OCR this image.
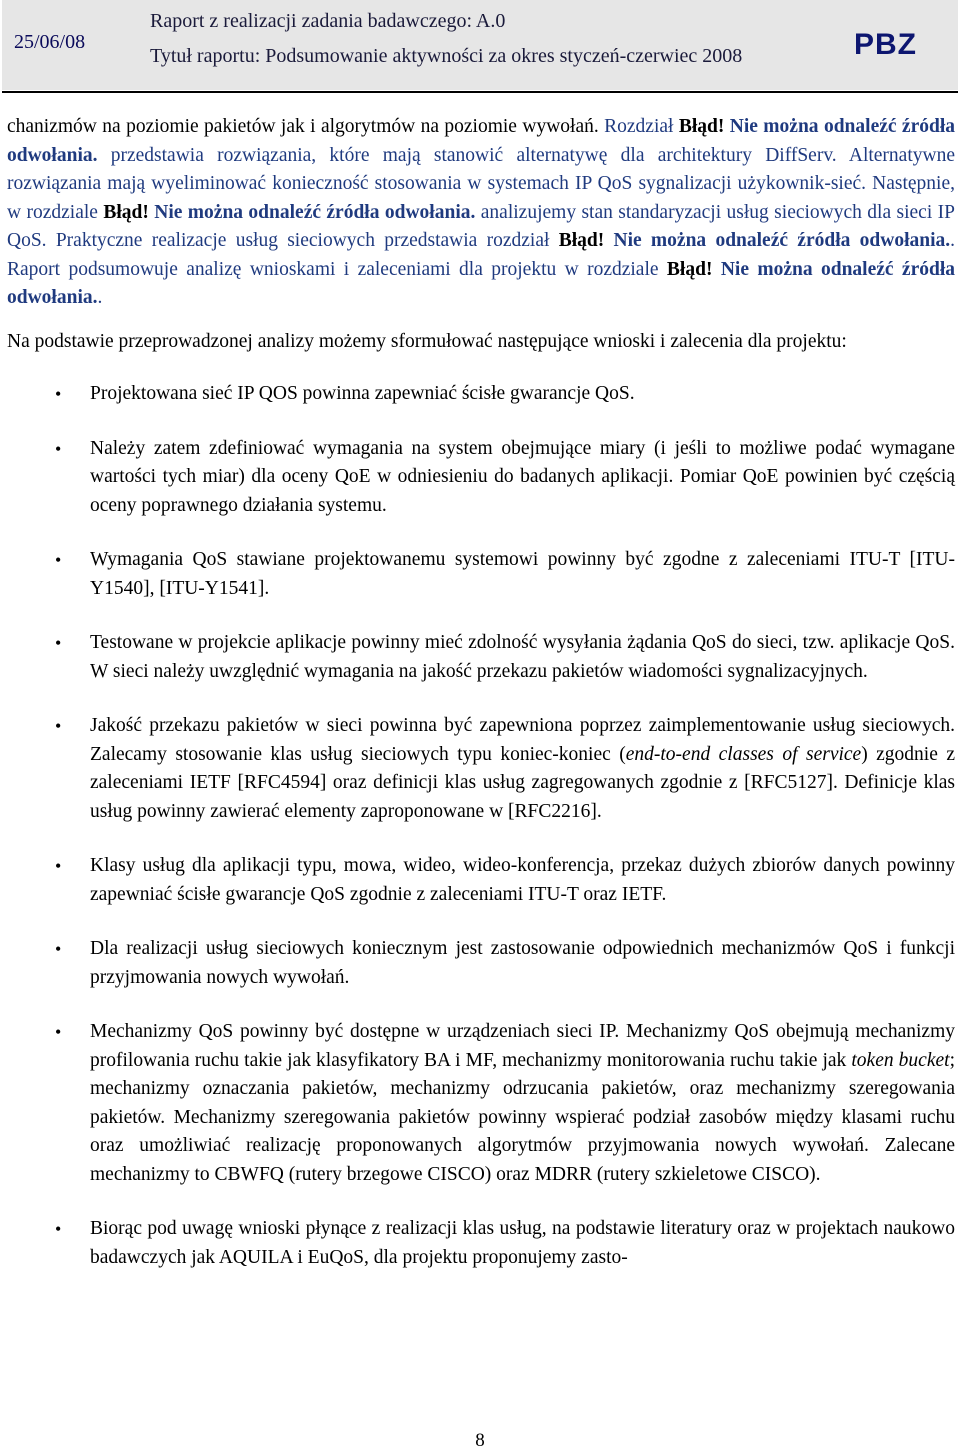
25/06/08
Raport z realizacji zadania badawczego: A.0
Tytuł raportu: Podsumowanie aktywności za okres styczeń-czerwiec 2008	PBZ

chanizmów na poziomie pakietów jak i algorytmów na poziomie wywołań. Rozdział Błąd! Nie można odnaleźć źródła odwołania. przedstawia rozwiązania, które mają stanowić alternatywę dla architektury DiffServ. Alternatywne rozwiązania mają wyeliminować konieczność stosowania w systemach IP QoS sygnalizacji użykownik-sieć. Następnie, w rozdziale Błąd! Nie można odnaleźć źródła odwołania. analizujemy stan standaryzacji usług sieciowych dla sieci IP QoS. Praktyczne realizacje usług sieciowych przedstawia rozdział Błąd! Nie można odnaleźć źródła odwołania.. Raport podsumowuje analizę wnioskami i zaleceniami dla projektu w rozdziale Błąd! Nie można odnaleźć źródła odwołania..

Na podstawie przeprowadzonej analizy możemy sformułować następujące wnioski i zalecenia dla projektu:

• Projektowana sieć IP QOS powinna zapewniać ścisłe gwarancje QoS.
• Należy zatem zdefiniować wymagania na system obejmujące miary (i jeśli to możliwe podać wymagane wartości tych miar) dla oceny QoE w odniesieniu do badanych aplikacji. Pomiar QoE powinien być częścią oceny poprawnego działania systemu.
• Wymagania QoS stawiane projektowanemu systemowi powinny być zgodne z zaleceniami ITU-T [ITU-Y1540], [ITU-Y1541].
• Testowane w projekcie aplikacje powinny mieć zdolność wysyłania żądania QoS do sieci, tzw. aplikacje QoS. W sieci należy uwzględnić wymagania na jakość przekazu pakietów wiadomości sygnalizacyjnych.
• Jakość przekazu pakietów w sieci powinna być zapewniona poprzez zaimplementowanie usług sieciowych. Zalecamy stosowanie klas usług sieciowych typu koniec-koniec (end-to-end classes of service) zgodnie z zaleceniami IETF [RFC4594] oraz definicji klas usług zagregowanych zgodnie z [RFC5127]. Definicje klas usług powinny zawierać elementy zaproponowane w [RFC2216].
• Klasy usług dla aplikacji typu, mowa, wideo, wideo-konferencja, przekaz dużych zbiorów danych powinny zapewniać ścisłe gwarancje QoS zgodnie z zaleceniami ITU-T oraz IETF.
• Dla realizacji usług sieciowych koniecznym jest zastosowanie odpowiednich mechanizmów QoS i funkcji przyjmowania nowych wywołań.
• Mechanizmy QoS powinny być dostępne w urządzeniach sieci IP. Mechanizmy QoS obejmują mechanizmy profilowania ruchu takie jak klasyfikatory BA i MF, mechanizmy monitorowania ruchu takie jak token bucket; mechanizmy oznaczania pakietów, mechanizmy odrzucania pakietów, oraz mechanizmy szeregowania pakietów. Mechanizmy szeregowania pakietów powinny wspierać podział zasobów między klasami ruchu oraz umożliwiać realizację proponowanych algorytmów przyjmowania nowych wywołań. Zalecane mechanizmy to CBWFQ (rutery brzegowe CISCO) oraz MDRR (rutery szkieletowe CISCO).
• Biorąc pod uwagę wnioski płynące z realizacji klas usług, na podstawie literatury oraz w projektach naukowo badawczych jak AQUILA i EuQoS, dla projektu proponujemy zasto-
8
